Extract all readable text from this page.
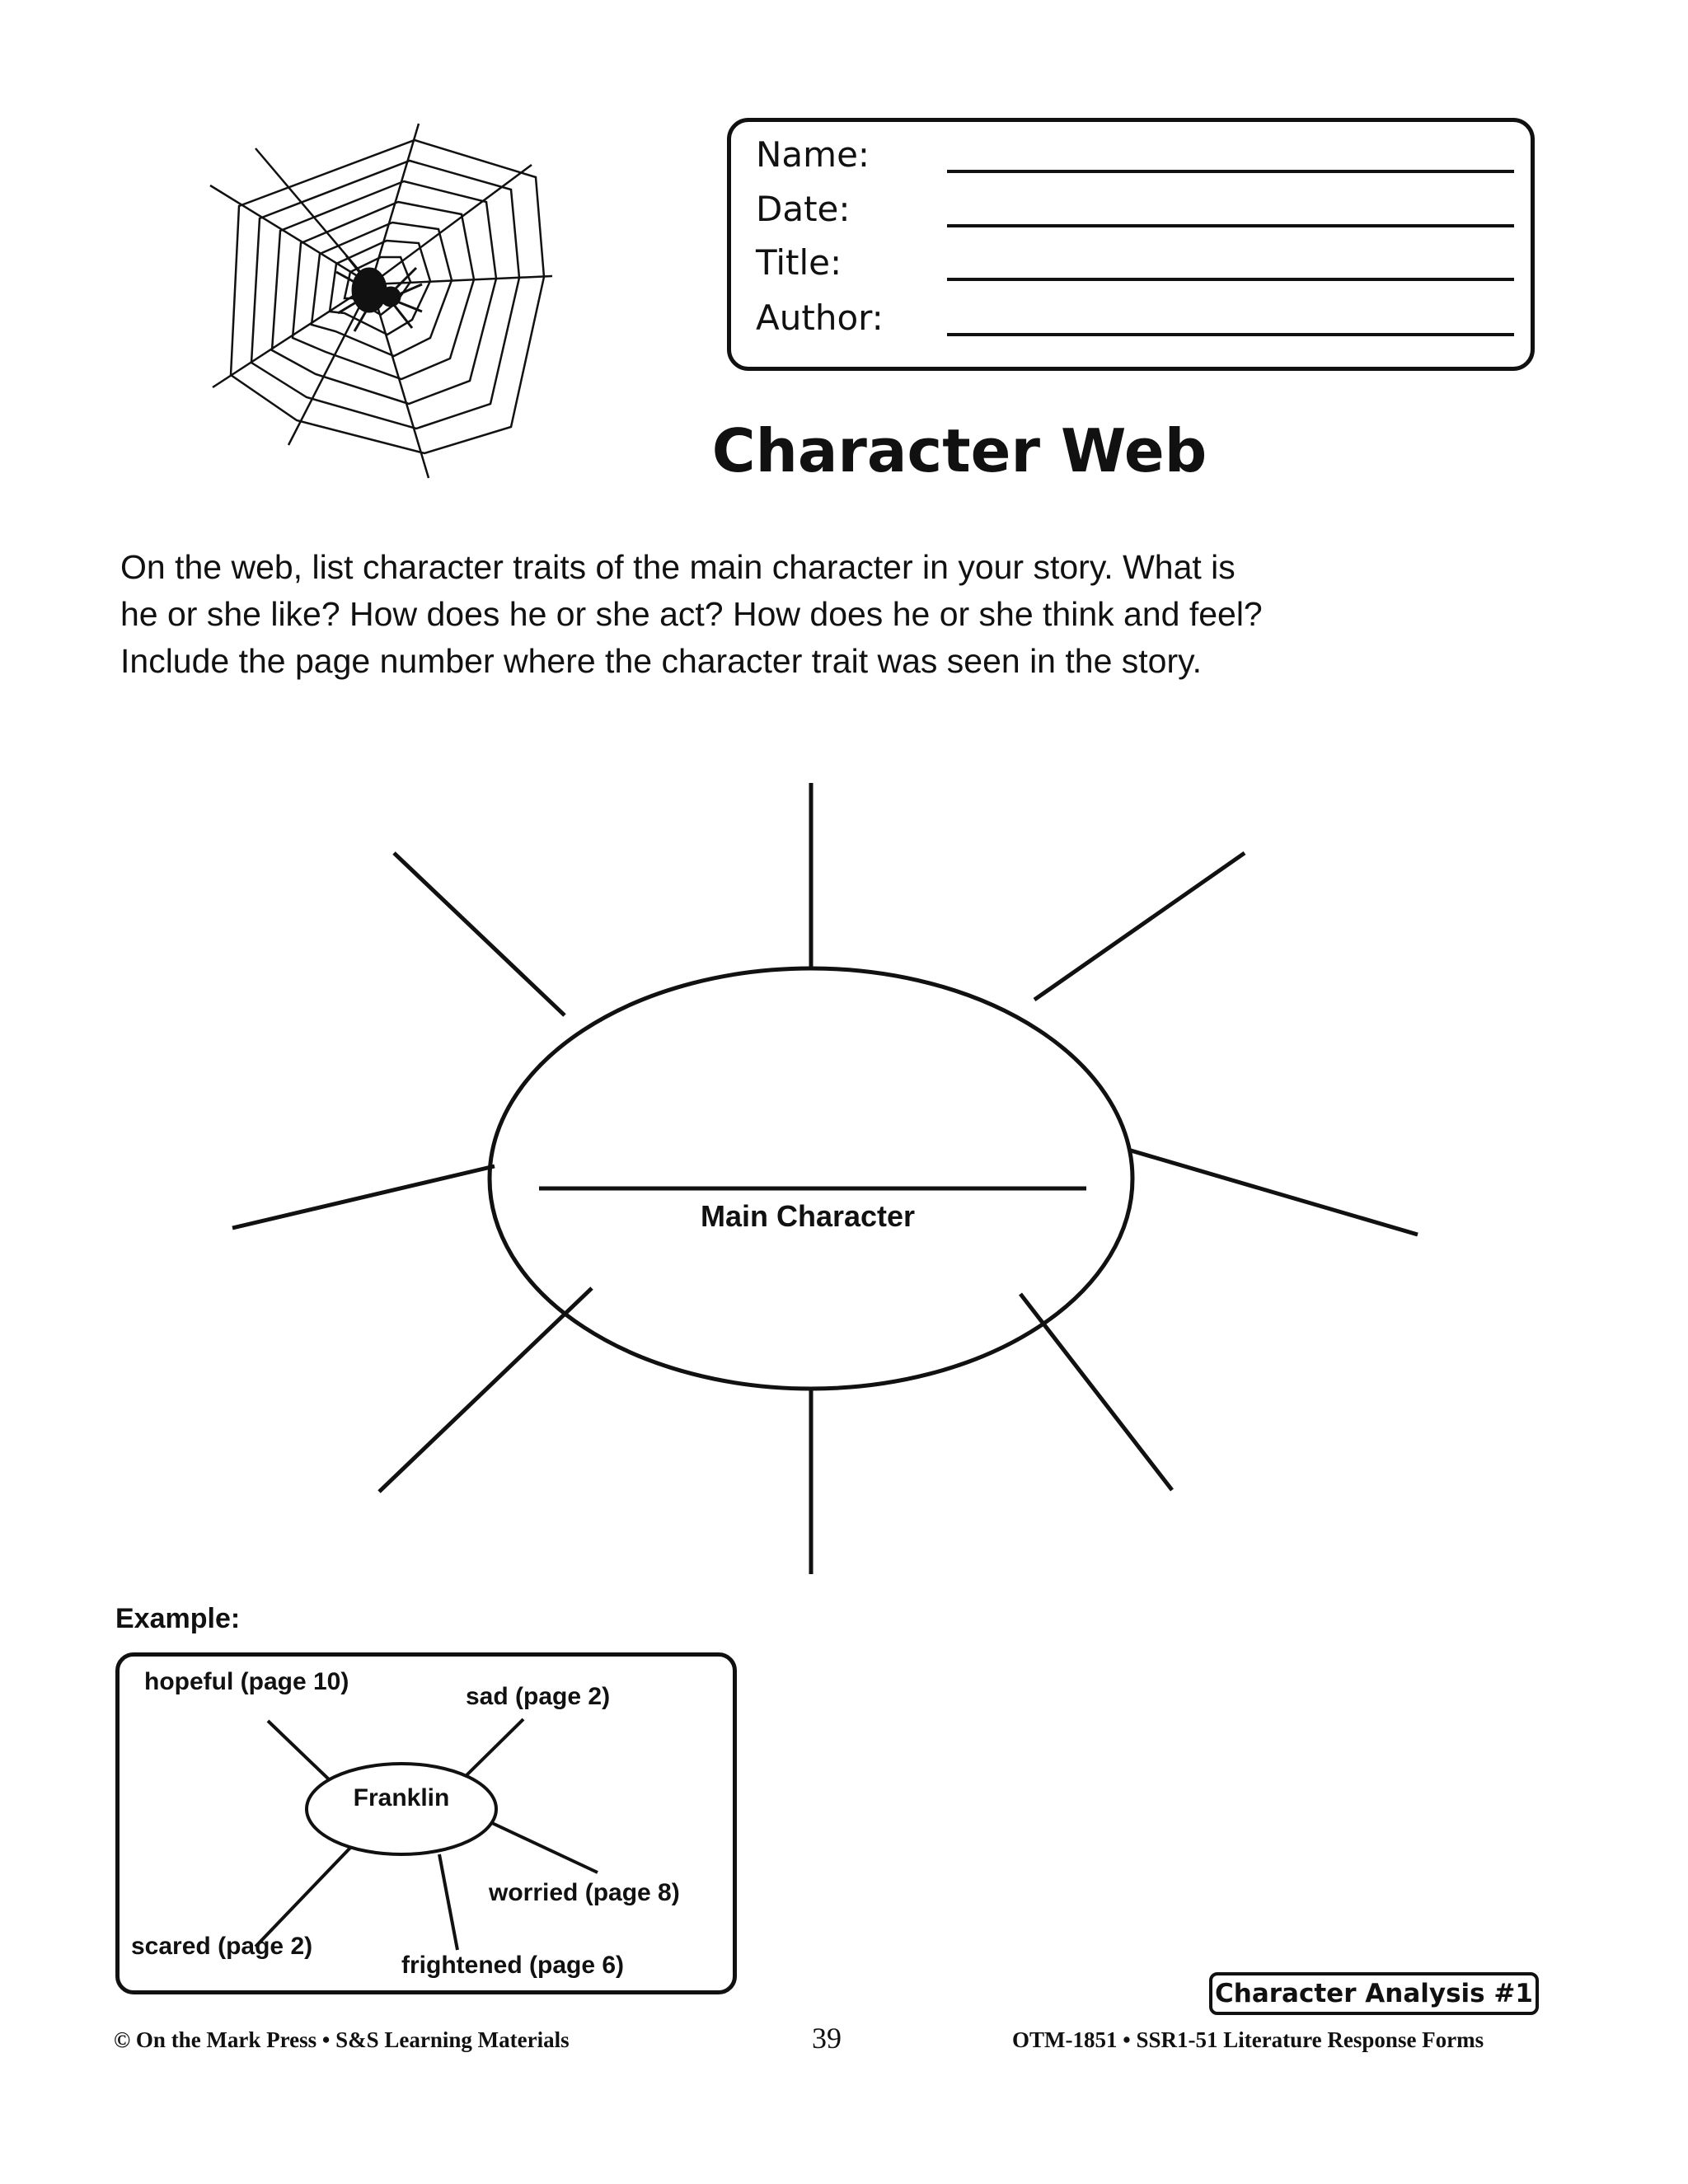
Name:
Date:
Title:
Author:
Character Web
On the web, list character traits of the main character in your story. What is
he or she like? How does he or she act? How does he or she think and feel?
Include the page number where the character trait was seen in the story.
Main Character
Example:
Franklin
hopeful (page 10)
sad (page 2)
worried (page 8)
scared (page 2)
frightened (page 6)
Character Analysis #1
© On the Mark Press • S&S Learning Materials	39	OTM-1851 • SSR1-51 Literature Response Forms
